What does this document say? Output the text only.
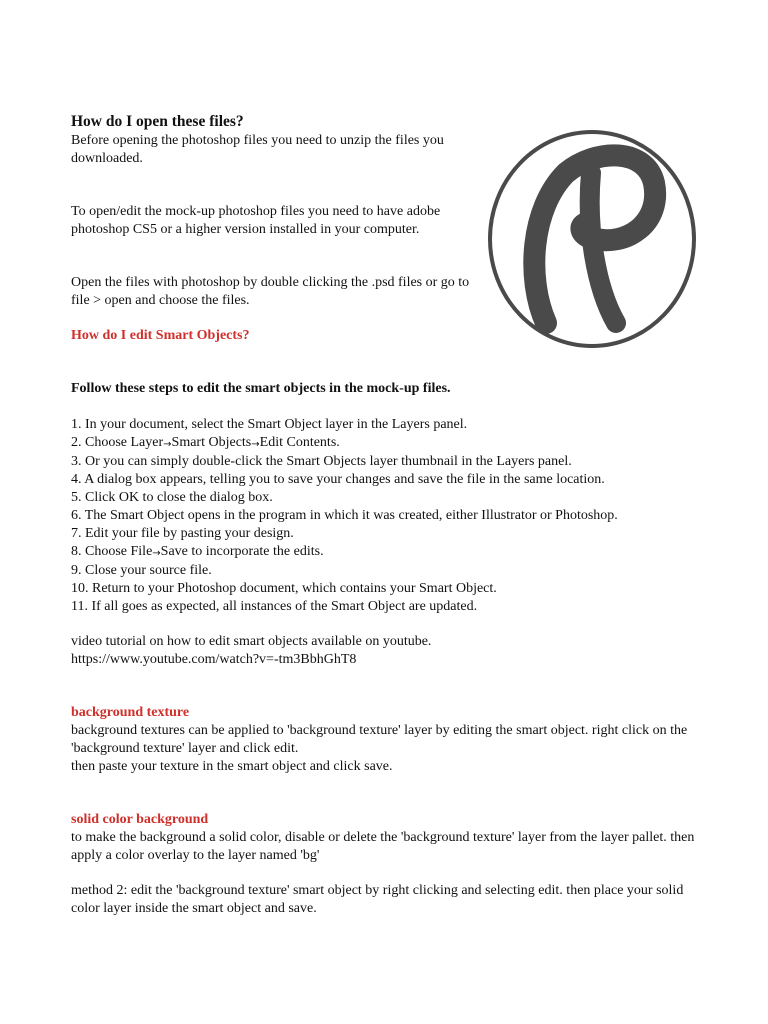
How do I open these files?

Before opening the photoshop files you need to unzip the files you downloaded.

To open/edit the mock-up photoshop files you need to have adobe photoshop CS5 or a higher version installed in your computer.

Open the files with photoshop by double clicking the .psd files or go to file > open and choose the files.

How do I edit Smart Objects?

Follow these steps to edit the smart objects in the mock-up files.

1. In your document, select the Smart Object layer in the Layers panel.

2. Choose Layer→Smart Objects→Edit Contents.

3. Or you can simply double-click the Smart Objects layer thumbnail in the Layers panel.

4. A dialog box appears, telling you to save your changes and save the file in the same location.

5. Click OK to close the dialog box.

6. The Smart Object opens in the program in which it was created, either Illustrator or Photoshop.

7. Edit your file by pasting your design.

8. Choose File→Save to incorporate the edits.

9. Close your source file.

10. Return to your Photoshop document, which contains your Smart Object.

11. If all goes as expected, all instances of the Smart Object are updated.

video tutorial on how to edit smart objects available on youtube.

https://www.youtube.com/watch?v=-tm3BbhGhT8

background texture

background textures can be applied to 'background texture' layer by editing the smart object. right click on the 'background texture' layer and click edit.

then paste your texture in the smart object and click save.

solid color background

to make the background a solid color, disable or delete the 'background texture' layer from the layer pallet. then apply a color overlay to the layer named 'bg'

method 2: edit the 'background texture' smart object by right clicking and selecting edit. then place your solid color layer inside the smart object and save.
